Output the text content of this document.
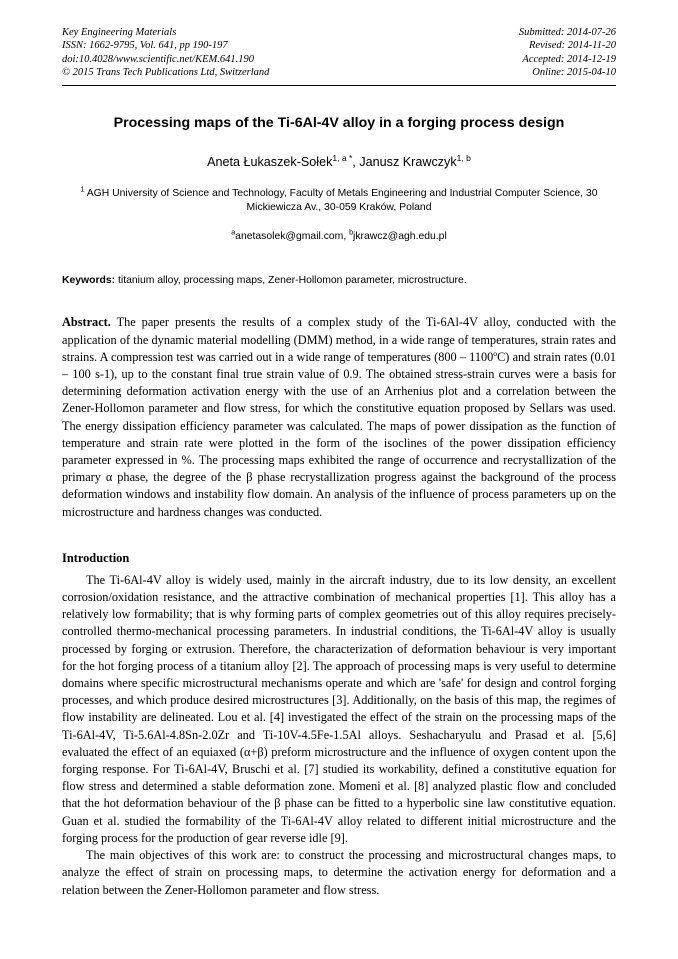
Key Engineering Materials
ISSN: 1662-9795, Vol. 641, pp 190-197
doi:10.4028/www.scientific.net/KEM.641.190
© 2015 Trans Tech Publications Ltd, Switzerland
Submitted: 2014-07-26
Revised: 2014-11-20
Accepted: 2014-12-19
Online: 2015-04-10
Processing maps of the Ti-6Al-4V alloy in a forging process design
Aneta Łukaszek-Sołek$^{1, a *}$, Janusz Krawczyk$^{1, b}$
$^1$ AGH University of Science and Technology, Faculty of Metals Engineering and Industrial Computer Science, 30 Mickiewicza Av., 30-059 Kraków, Poland
$^a$anetasolek@gmail.com, $^b$jkrawcz@agh.edu.pl
Keywords: titanium alloy, processing maps, Zener-Hollomon parameter, microstructure.
Abstract. The paper presents the results of a complex study of the Ti-6Al-4V alloy, conducted with the application of the dynamic material modelling (DMM) method, in a wide range of temperatures, strain rates and strains. A compression test was carried out in a wide range of temperatures (800 – 1100ºC) and strain rates (0.01 – 100 s-1), up to the constant final true strain value of 0.9. The obtained stress-strain curves were a basis for determining deformation activation energy with the use of an Arrhenius plot and a correlation between the Zener-Hollomon parameter and flow stress, for which the constitutive equation proposed by Sellars was used. The energy dissipation efficiency parameter was calculated. The maps of power dissipation as the function of temperature and strain rate were plotted in the form of the isoclines of the power dissipation efficiency parameter expressed in %. The processing maps exhibited the range of occurrence and recrystallization of the primary α phase, the degree of the β phase recrystallization progress against the background of the process deformation windows and instability flow domain. An analysis of the influence of process parameters up on the microstructure and hardness changes was conducted.
Introduction

The Ti-6Al-4V alloy is widely used, mainly in the aircraft industry, due to its low density, an excellent corrosion/oxidation resistance, and the attractive combination of mechanical properties [1]. This alloy has a relatively low formability; that is why forming parts of complex geometries out of this alloy requires precisely-controlled thermo-mechanical processing parameters. In industrial conditions, the Ti-6Al-4V alloy is usually processed by forging or extrusion. Therefore, the characterization of deformation behaviour is very important for the hot forging process of a titanium alloy [2]. The approach of processing maps is very useful to determine domains where specific microstructural mechanisms operate and which are 'safe' for design and control forging processes, and which produce desired microstructures [3]. Additionally, on the basis of this map, the regimes of flow instability are delineated. Lou et al. [4] investigated the effect of the strain on the processing maps of the Ti-6Al-4V, Ti-5.6Al-4.8Sn-2.0Zr and Ti-10V-4.5Fe-1.5Al alloys. Seshacharyulu and Prasad et al. [5,6] evaluated the effect of an equiaxed (α+β) preform microstructure and the influence of oxygen content upon the forging response. For Ti-6Al-4V, Bruschi et al. [7] studied its workability, defined a constitutive equation for flow stress and determined a stable deformation zone. Momeni et al. [8] analyzed plastic flow and concluded that the hot deformation behaviour of the β phase can be fitted to a hyperbolic sine law constitutive equation. Guan et al. studied the formability of the Ti-6Al-4V alloy related to different initial microstructure and the forging process for the production of gear reverse idle [9].

The main objectives of this work are: to construct the processing and microstructural changes maps, to analyze the effect of strain on processing maps, to determine the activation energy for deformation and a relation between the Zener-Hollomon parameter and flow stress.
